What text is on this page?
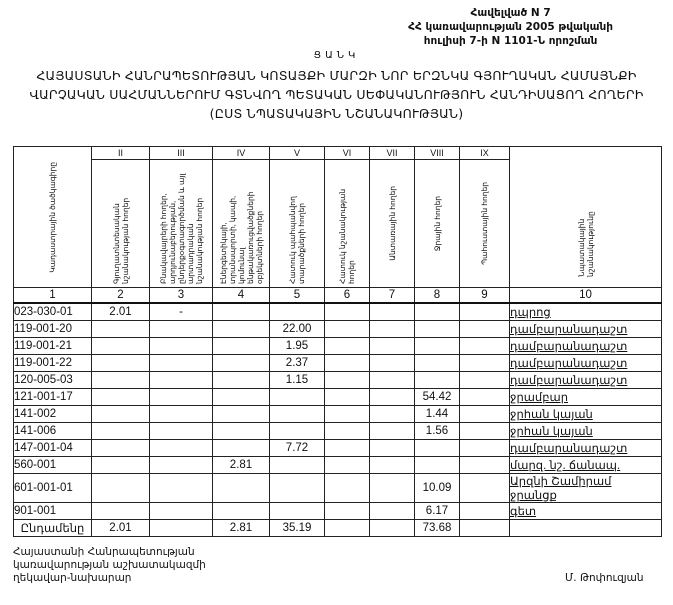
Հավելված N 7
ՀՀ կառավարության 2005 թվականի
հուլիսի 7-ի N 1101-Ն որոշման
ՑԱՆԿ
ՀԱՅԱՍՏԱՆԻ ՀԱՆՐԱՊԵՏՈՒԹՅԱՆ ԿՈՏԱՅՔԻ ՄԱՐԶԻ ՆՈՐ ԵՐԶՆԿԱ ԳՅՈՒՂԱԿԱՆ ՀԱՄԱՅՆՔԻ
ՎԱՐՉԱԿԱՆ ՍԱՀՄԱՆՆԵՐՈՒՄ ԳՏՆՎՈՂ ՊԵՏԱԿԱՆ ՍԵՓԱԿԱՆՈՒԹՅՈՒՆ ՀԱՆԴԻՍԱՑՈՂ ՀՈՂԵՐԻ
(ԸՍՏ ՆՊԱՏԱԿԱՅԻՆ ՆՇԱՆԱԿՈՒԹՅԱՆ)
Կադաստրային ծածկագիրը	II	III	IV	V	VI	VII	VIII	IX	Նպատակային նշանակությունը

	Գյուղատնտեսական նշանակության հողեր	Բնակավայրերի հողեր, արդյունաբերության, ընդերքօգտագործման և այլ արտադրական նշանակության հողեր	Էներգետիկայի, տրանսպորտի, կապի, կոմունալ ենթակառուցվածքների օբյեկտների հողեր	Հատուկ պահպանվող տարածքների հողեր	Հատուկ նշանակության հողեր	Անտառային հողեր	Ջրային հողեր	Պահուստային հողեր	

1	2	3	4	5	6	7	8	9	10
023-030-01	2.01	-							դպրոց
119-001-20				22.00					դամբարանադաշտ
119-001-21				1.95					դամբարանադաշտ
119-001-22				2.37					դամբարանադաշտ
120-005-03				1.15					դամբարանադաշտ
121-001-17							54.42		ջրամբար
141-002							1.44		ջրհան կայան
141-006							1.56		ջրհան կայան
147-001-04				7.72					դամբարանադաշտ
560-001			2.81						մարզ. նշ. ճանապ.
601-001-01							10.09		Արզնի Շամիրամ ջրանցք
901-001							6.17		գետ
Ընդամենը	2.01		2.81	35.19			73.68		
Հայաստանի Հանրապետության
կառավարության աշխատակազմի
ղեկավար-նախարար	Մ. Թոփուզյան
